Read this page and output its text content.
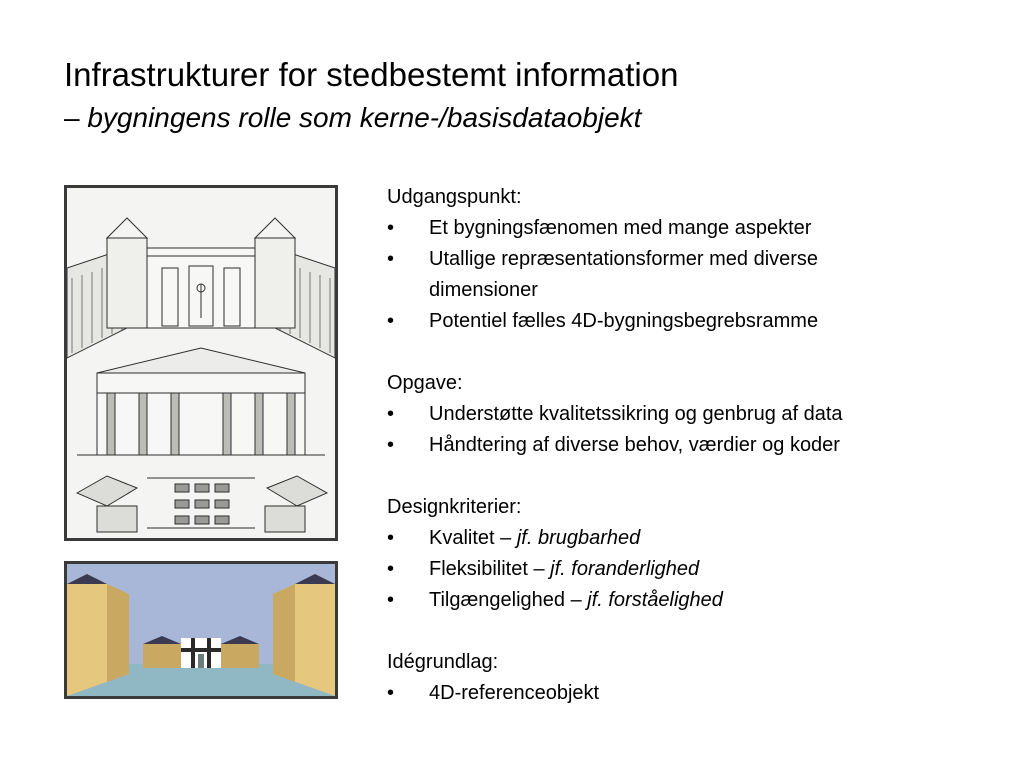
Infrastrukturer for stedbestemt information
– bygningens rolle som kerne-/basisdataobjekt
Udgangspunkt:
• Et bygningsfænomen med mange aspekter
• Utallige repræsentationsformer med diverse
dimensioner
• Potentiel fælles 4D-bygningsbegrebsramme
Opgave:
• Understøtte kvalitetssikring og genbrug af data
• Håndtering af diverse behov, værdier og koder
Designkriterier:
• Kvalitet – jf. brugbarhed
• Fleksibilitet – jf. foranderlighed
• Tilgængelighed – jf. forståelighed
Idégrundlag:
• 4D-referenceobjekt
